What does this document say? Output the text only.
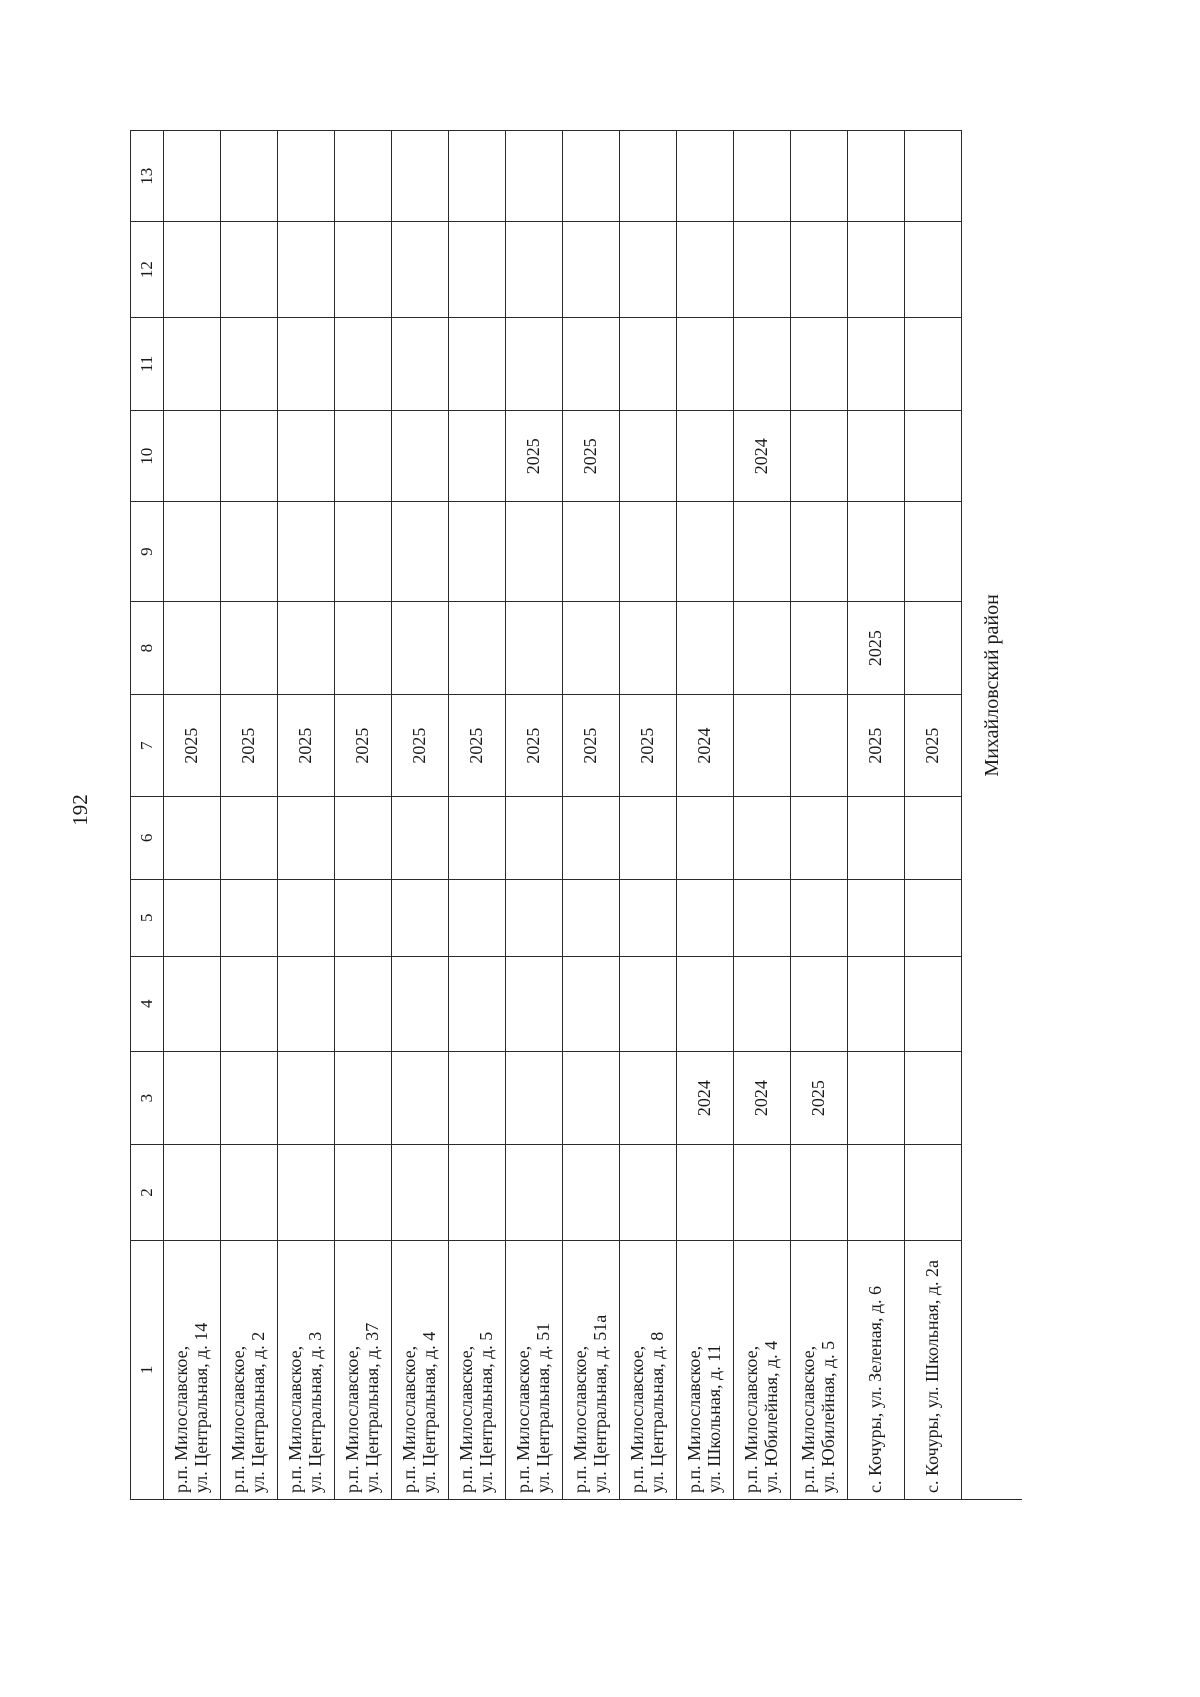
192
1	2	3	4	5	6	7	8	9	10	11	12	13

р.п. Милославское, ул. Центральная, д. 14						2025						

р.п. Милославское, ул. Центральная, д. 2						2025						

р.п. Милославское, ул. Центральная, д. 3						2025						

р.п. Милославское, ул. Центральная, д. 37						2025						

р.п. Милославское, ул. Центральная, д. 4						2025						

р.п. Милославское, ул. Центральная, д. 5						2025						

р.п. Милославское, ул. Центральная, д. 51						2025			2025			

р.п. Милославское, ул. Центральная, д. 51а						2025			2025			

р.п. Милославское, ул. Центральная, д. 8						2025						

р.п. Милославское, ул. Школьная, д. 11		2024				2024						

р.п. Милославское, ул. Юбилейная, д. 4		2024							2024			

р.п. Милославское, ул. Юбилейная, д. 5		2025										

с. Кочуры, ул. Зеленая, д. 6						2025	2025					

с. Кочуры, ул. Школьная, д. 2а						2025						
	Михайловский район											
